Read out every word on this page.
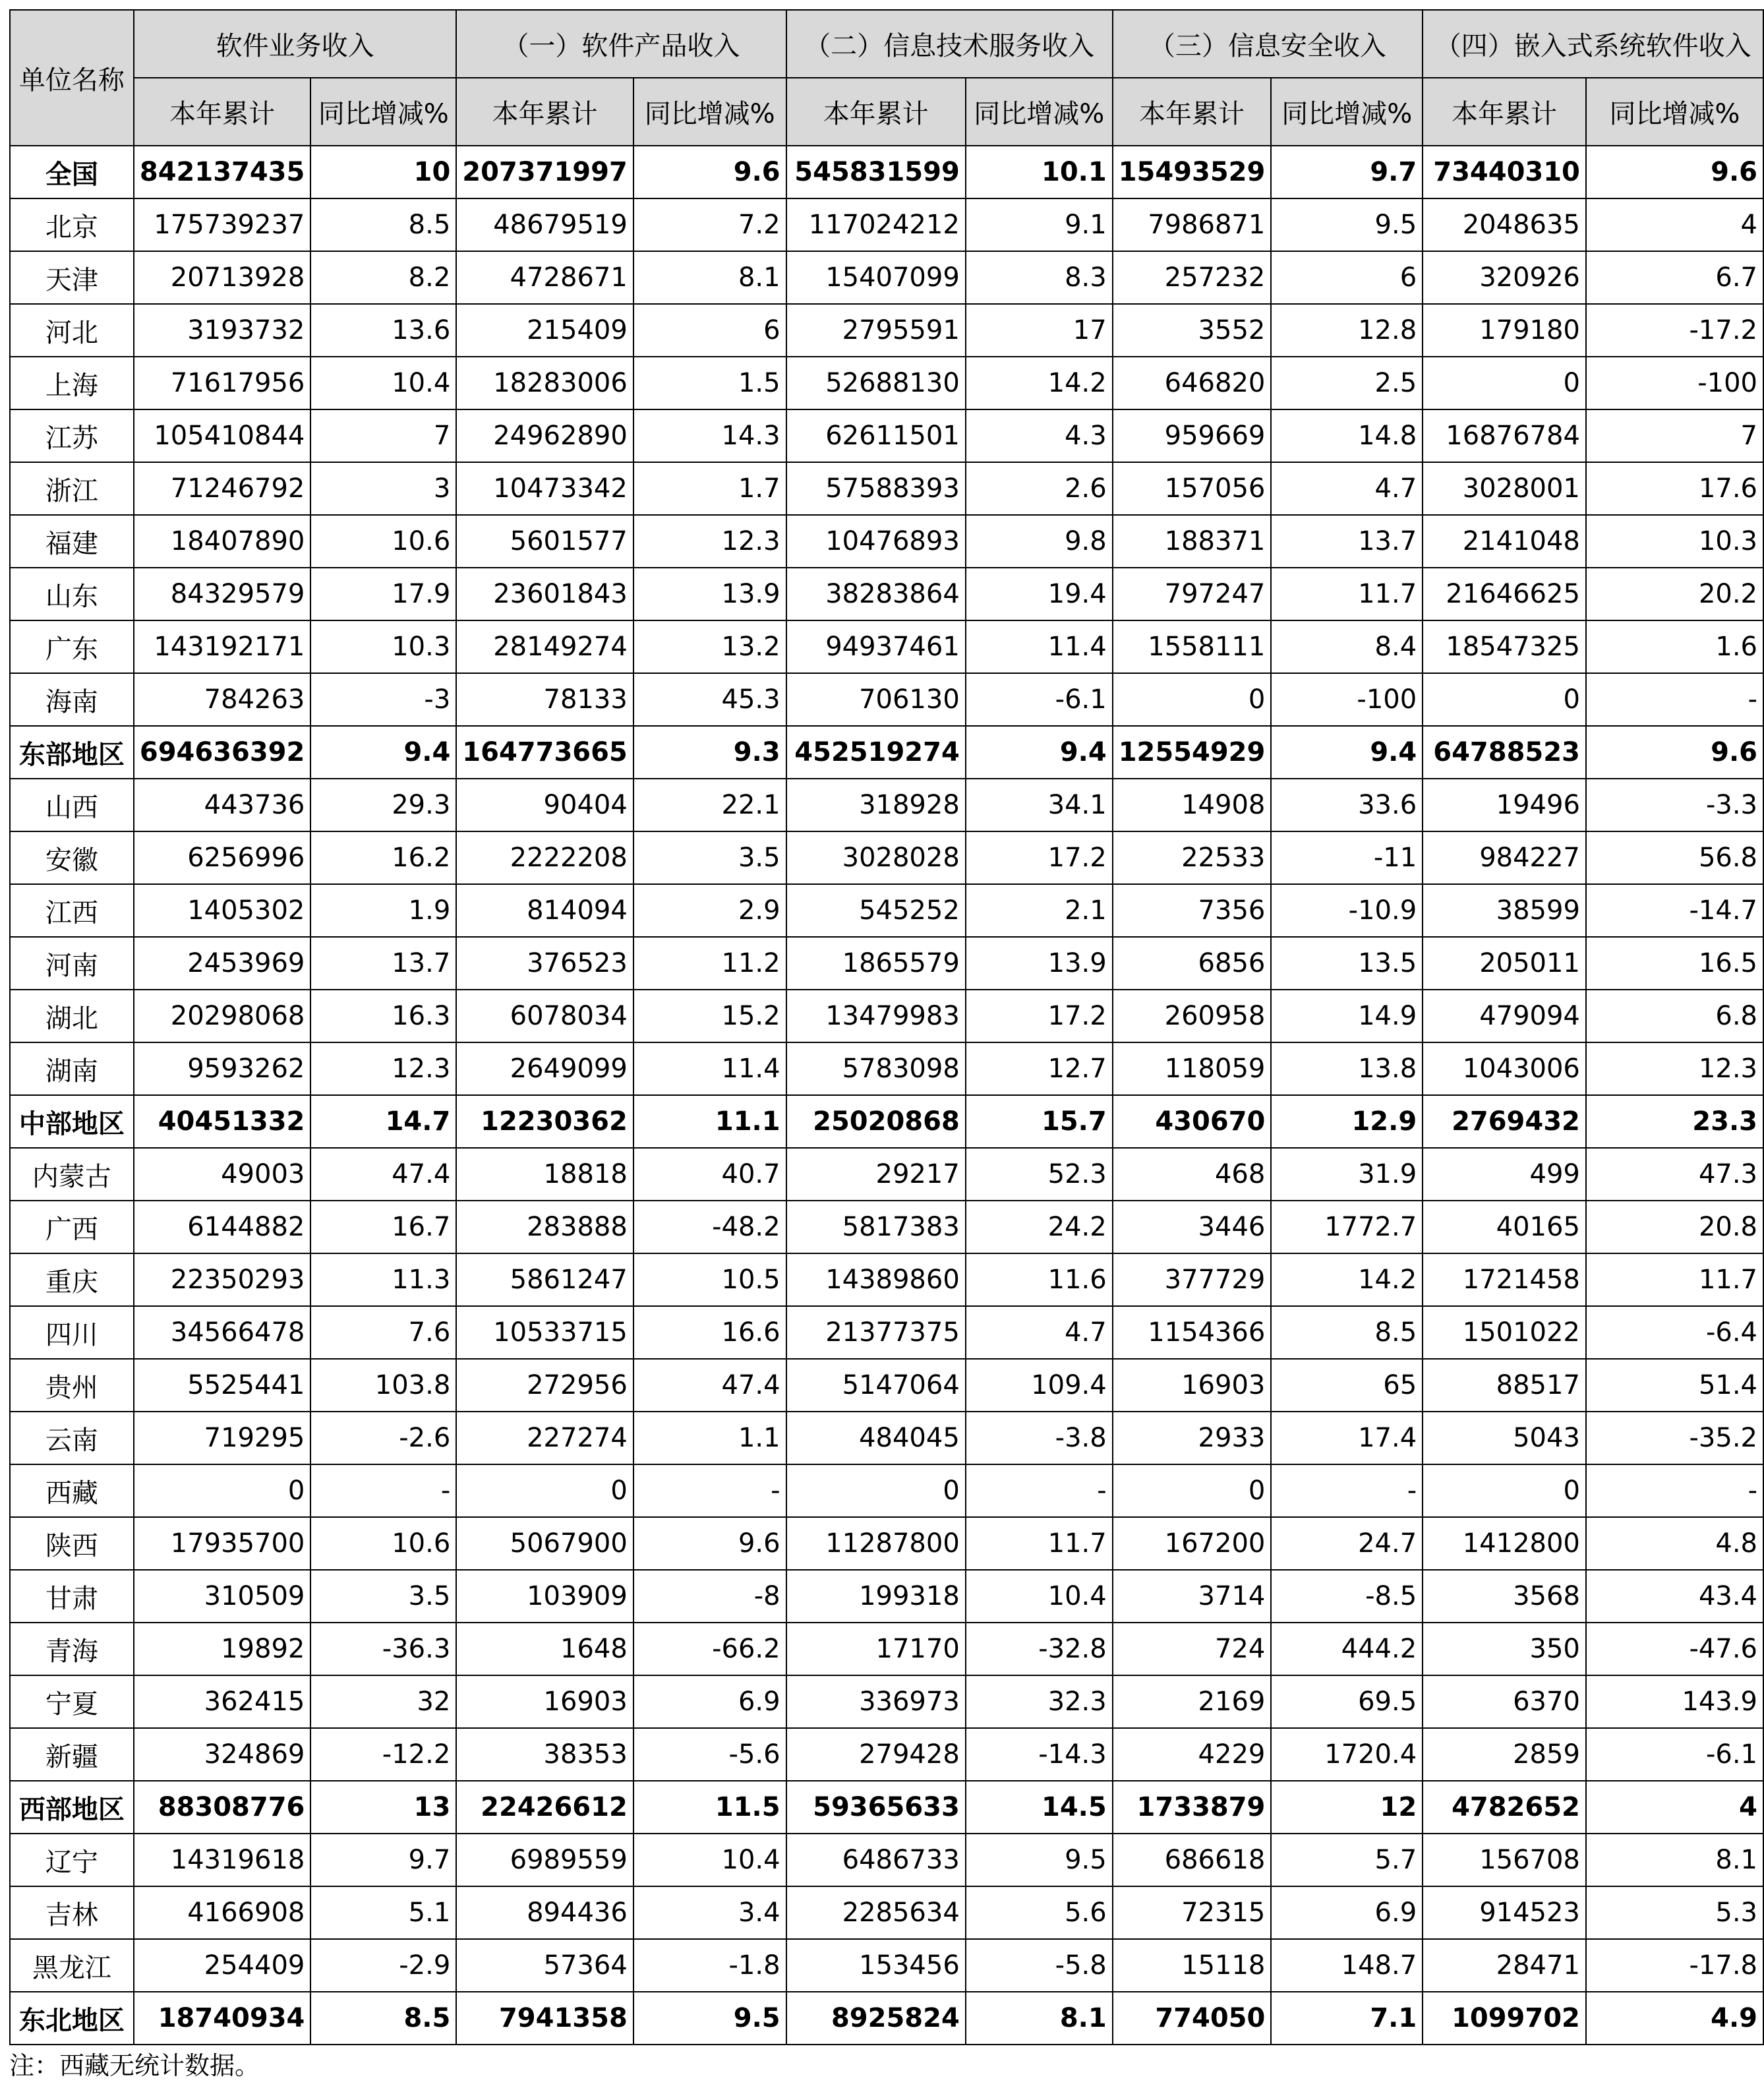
单位名称	软件业务收入		（一）软件产品收入		（二）信息技术服务收入		（三）信息安全收入		（四）嵌入式系统软件收入	
	本年累计	同比增减%	本年累计	同比增减%	本年累计	同比增减%	本年累计	同比增减%	本年累计	同比增减%
全国	842137435	10	207371997	9.6	545831599	10.1	15493529	9.7	73440310	9.6
北京	175739237	8.5	48679519	7.2	117024212	9.1	7986871	9.5	2048635	4
天津	20713928	8.2	4728671	8.1	15407099	8.3	257232	6	320926	6.7
河北	3193732	13.6	215409	6	2795591	17	3552	12.8	179180	-17.2
上海	71617956	10.4	18283006	1.5	52688130	14.2	646820	2.5	0	-100
江苏	105410844	7	24962890	14.3	62611501	4.3	959669	14.8	16876784	7
浙江	71246792	3	10473342	1.7	57588393	2.6	157056	4.7	3028001	17.6
福建	18407890	10.6	5601577	12.3	10476893	9.8	188371	13.7	2141048	10.3
山东	84329579	17.9	23601843	13.9	38283864	19.4	797247	11.7	21646625	20.2
广东	143192171	10.3	28149274	13.2	94937461	11.4	1558111	8.4	18547325	1.6
海南	784263	-3	78133	45.3	706130	-6.1	0	-100	0	-
东部地区	694636392	9.4	164773665	9.3	452519274	9.4	12554929	9.4	64788523	9.6
山西	443736	29.3	90404	22.1	318928	34.1	14908	33.6	19496	-3.3
安徽	6256996	16.2	2222208	3.5	3028028	17.2	22533	-11	984227	56.8
江西	1405302	1.9	814094	2.9	545252	2.1	7356	-10.9	38599	-14.7
河南	2453969	13.7	376523	11.2	1865579	13.9	6856	13.5	205011	16.5
湖北	20298068	16.3	6078034	15.2	13479983	17.2	260958	14.9	479094	6.8
湖南	9593262	12.3	2649099	11.4	5783098	12.7	118059	13.8	1043006	12.3
中部地区	40451332	14.7	12230362	11.1	25020868	15.7	430670	12.9	2769432	23.3
内蒙古	49003	47.4	18818	40.7	29217	52.3	468	31.9	499	47.3
广西	6144882	16.7	283888	-48.2	5817383	24.2	3446	1772.7	40165	20.8
重庆	22350293	11.3	5861247	10.5	14389860	11.6	377729	14.2	1721458	11.7
四川	34566478	7.6	10533715	16.6	21377375	4.7	1154366	8.5	1501022	-6.4
贵州	5525441	103.8	272956	47.4	5147064	109.4	16903	65	88517	51.4
云南	719295	-2.6	227274	1.1	484045	-3.8	2933	17.4	5043	-35.2
西藏	0	-	0	-	0	-	0	-	0	-
陕西	17935700	10.6	5067900	9.6	11287800	11.7	167200	24.7	1412800	4.8
甘肃	310509	3.5	103909	-8	199318	10.4	3714	-8.5	3568	43.4
青海	19892	-36.3	1648	-66.2	17170	-32.8	724	444.2	350	-47.6
宁夏	362415	32	16903	6.9	336973	32.3	2169	69.5	6370	143.9
新疆	324869	-12.2	38353	-5.6	279428	-14.3	4229	1720.4	2859	-6.1
西部地区	88308776	13	22426612	11.5	59365633	14.5	1733879	12	4782652	4
辽宁	14319618	9.7	6989559	10.4	6486733	9.5	686618	5.7	156708	8.1
吉林	4166908	5.1	894436	3.4	2285634	5.6	72315	6.9	914523	5.3
黑龙江	254409	-2.9	57364	-1.8	153456	-5.8	15118	148.7	28471	-17.8
东北地区	18740934	8.5	7941358	9.5	8925824	8.1	774050	7.1	1099702	4.9
注：西藏无统计数据。
